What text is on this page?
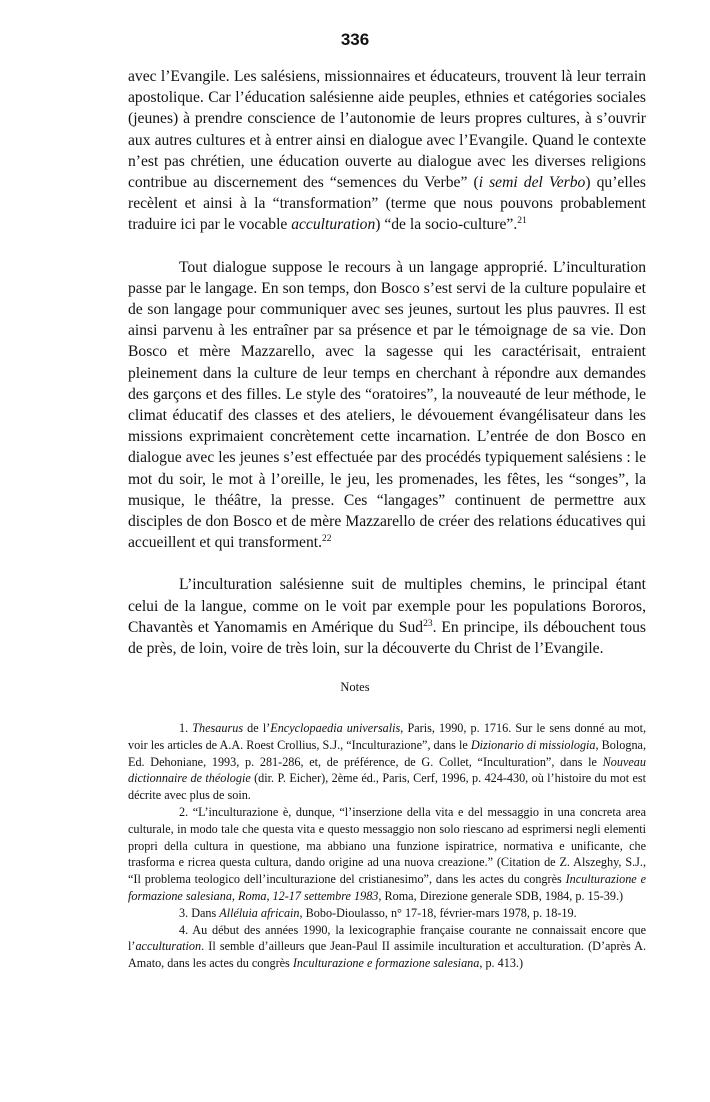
336

avec l’Evangile. Les salésiens, missionnaires et éducateurs, trouvent là leur terrain apostolique. Car l’éducation salésienne aide peuples, ethnies et catégories sociales (jeunes) à prendre conscience de l’autonomie de leurs propres cultures, à s’ouvrir aux autres cultures et à entrer ainsi en dialogue avec l’Evangile. Quand le contexte n’est pas chrétien, une éducation ouverte au dialogue avec les diverses religions contribue au discernement des “semences du Verbe” (i semi del Verbo) qu’elles recèlent et ainsi à la “transformation” (terme que nous pouvons probablement traduire ici par le vocable acculturation) “de la socio-culture”.$^{21}$

Tout dialogue suppose le recours à un langage approprié. L’inculturation passe par le langage. En son temps, don Bosco s’est servi de la culture populaire et de son langage pour communiquer avec ses jeunes, surtout les plus pauvres. Il est ainsi parvenu à les entraîner par sa présence et par le témoignage de sa vie. Don Bosco et mère Mazzarello, avec la sagesse qui les caractérisait, entraient pleinement dans la culture de leur temps en cherchant à répondre aux demandes des garçons et des filles. Le style des “oratoires”, la nouveauté de leur méthode, le climat éducatif des classes et des ateliers, le dévouement évangélisateur dans les missions exprimaient concrètement cette incarnation. L’entrée de don Bosco en dialogue avec les jeunes s’est effectuée par des procédés typiquement salésiens : le mot du soir, le mot à l’oreille, le jeu, les promenades, les fêtes, les “songes”, la musique, le théâtre, la presse. Ces “langages” continuent de permettre aux disciples de don Bosco et de mère Mazzarello de créer des relations éducatives qui accueillent et qui transforment.$^{22}$

L’inculturation salésienne suit de multiples chemins, le principal étant celui de la langue, comme on le voit par exemple pour les populations Bororos, Chavantès et Yanomamis en Amérique du Sud$^{23}$. En principe, ils débouchent tous de près, de loin, voire de très loin, sur la découverte du Christ de l’Evangile.

Notes

1. Thesaurus de l’Encyclopaedia universalis, Paris, 1990, p. 1716. Sur le sens donné au mot, voir les articles de A.A. Roest Crollius, S.J., “Inculturazione”, dans le Dizionario di missiologia, Bologna, Ed. Dehoniane, 1993, p. 281-286, et, de préférence, de G. Collet, “Inculturation”, dans le Nouveau dictionnaire de théologie (dir. P. Eicher), 2ème éd., Paris, Cerf, 1996, p. 424-430, où l’histoire du mot est décrite avec plus de soin.

2. “L’inculturazione è, dunque, “l’inserzione della vita e del messaggio in una concreta area culturale, in modo tale che questa vita e questo messaggio non solo riescano ad esprimersi negli elementi propri della cultura in questione, ma abbiano una funzione ispiratrice, normativa e unificante, che trasforma e ricrea questa cultura, dando origine ad una nuova creazione.” (Citation de Z. Alszeghy, S.J., “Il problema teologico dell’inculturazione del cristianesimo”, dans les actes du congrès Inculturazione e formazione salesiana, Roma, 12-17 settembre 1983, Roma, Direzione generale SDB, 1984, p. 15-39.)

3. Dans Alléluia africain, Bobo-Dioulasso, n° 17-18, février-mars 1978, p. 18-19.

4. Au début des années 1990, la lexicographie française courante ne connaissait encore que l’acculturation. Il semble d’ailleurs que Jean-Paul II assimile inculturation et acculturation. (D’après A. Amato, dans les actes du congrès Inculturazione e formazione salesiana, p. 413.)
